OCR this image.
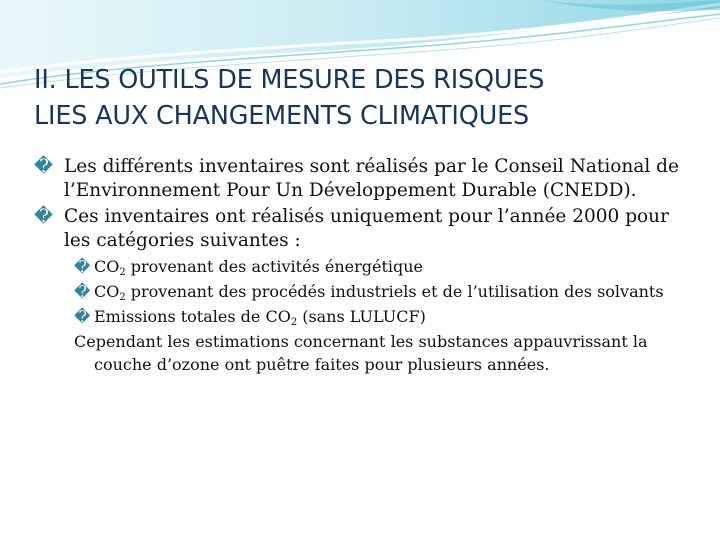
II. LES OUTILS DE MESURE DES RISQUES
LIES AUX CHANGEMENTS CLIMATIQUES
� Les différents inventaires sont réalisés par le Conseil National de l’Environnement Pour Un Développement Durable (CNEDD).
� Ces inventaires ont réalisés uniquement pour l’année 2000 pour les catégories suivantes :
� $CO_2$ provenant des activités énergétique
� $CO_2$ provenant des procédés industriels et de l’utilisation des solvants
� Emissions totales de $CO_2$ (sans LULUCF)
Cependant les estimations concernant les substances appauvrissant la couche d’ozone ont puêtre faites pour plusieurs années.
